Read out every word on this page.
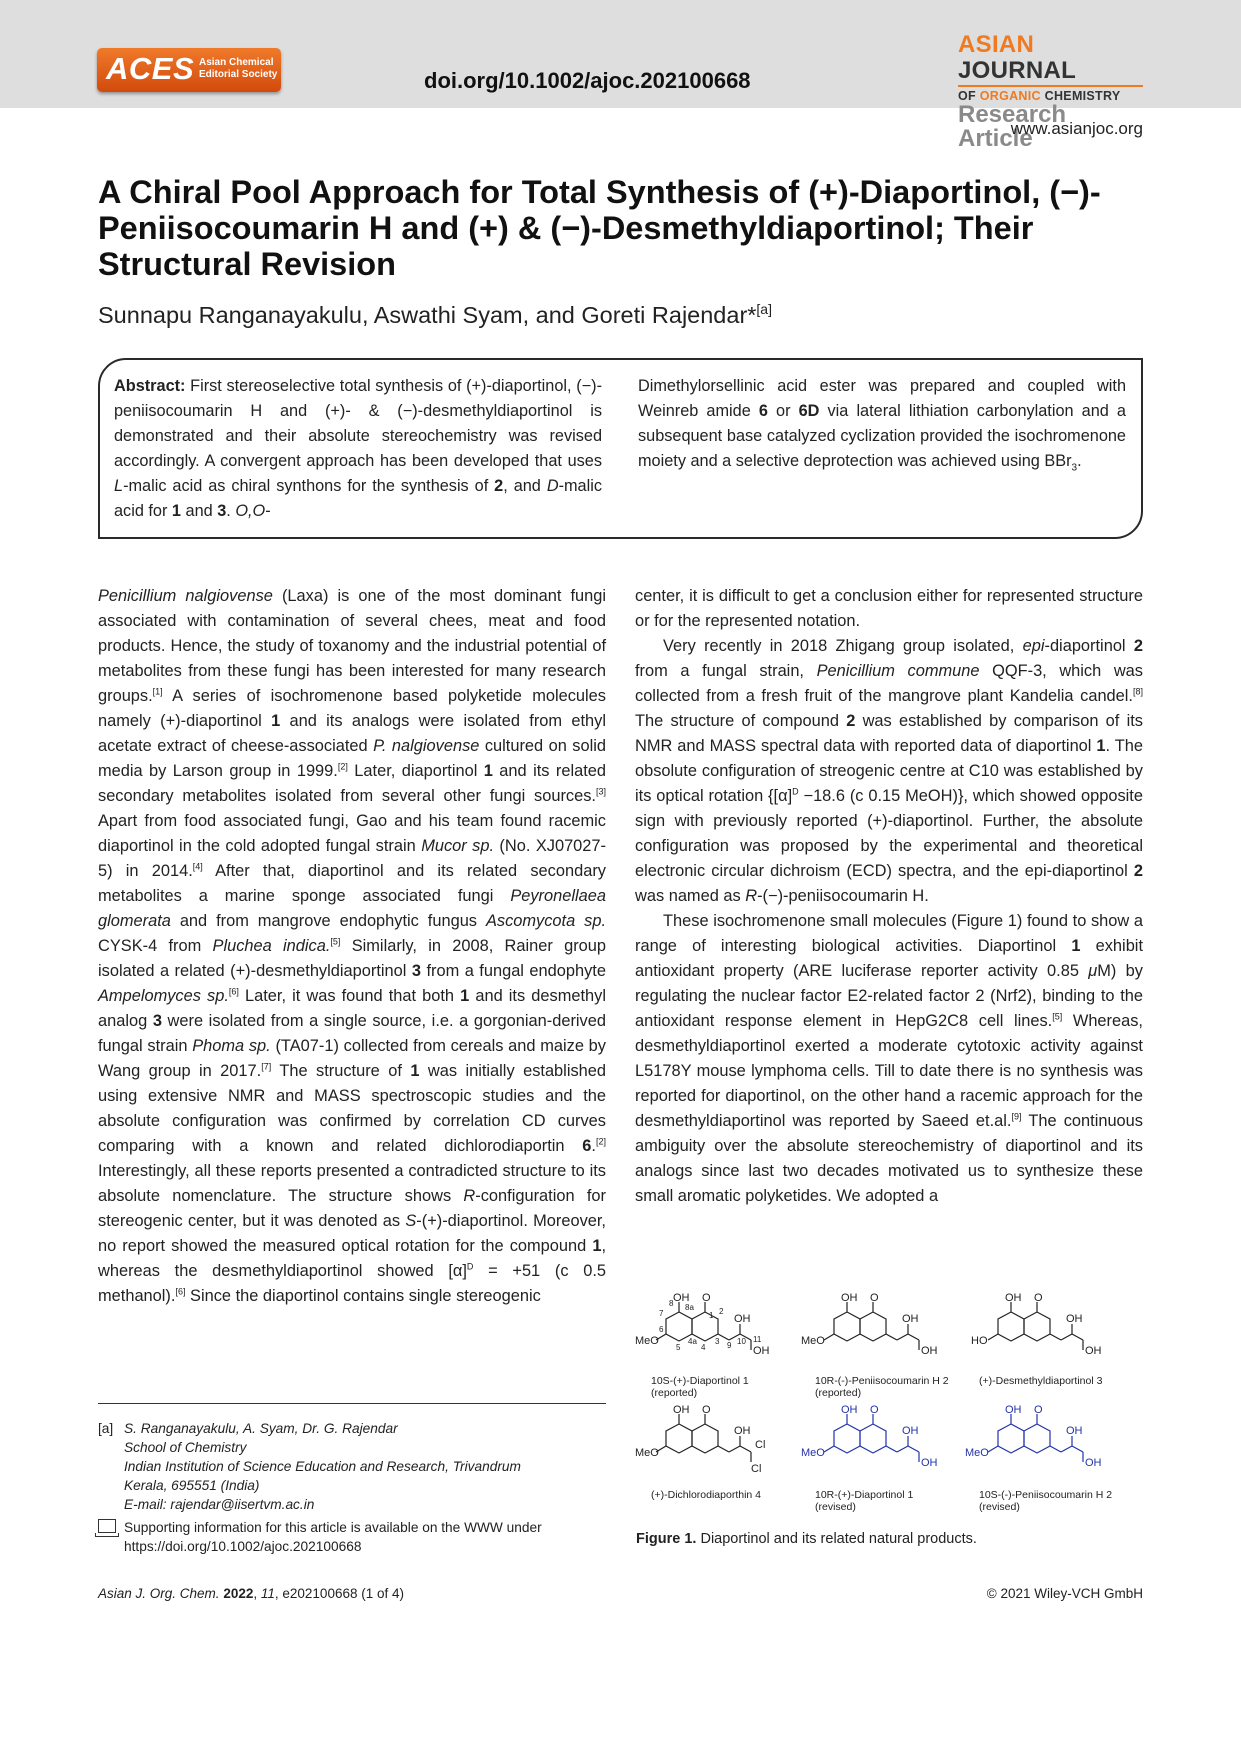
ACES Asian Chemical
Editorial Society	doi.org/10.1002/ajoc.202100668
ASIAN JOURNAL
OF ORGANIC CHEMISTRY
Research Article
www.asianjoc.org
A Chiral Pool Approach for Total Synthesis of (+)-Diaportinol, (−)-Peniisocoumarin H and (+) & (−)-Desmethyldiaportinol; Their Structural Revision
Sunnapu Ranganayakulu, Aswathi Syam, and Goreti Rajendar*[a]
Abstract: First stereoselective total synthesis of (+)-diaportinol, (−)-peniisocoumarin H and (+)- & (−)-desmethyldiaportinol is demonstrated and their absolute stereochemistry was revised accordingly. A convergent approach has been developed that uses L-malic acid as chiral synthons for the synthesis of 2, and D-malic acid for 1 and 3. O,O-
Dimethylorsellinic acid ester was prepared and coupled with Weinreb amide 6 or 6D via lateral lithiation carbonylation and a subsequent base catalyzed cyclization provided the isochromenone moiety and a selective deprotection was achieved using BBr$_3$.

Penicillium nalgiovense (Laxa) is one of the most dominant fungi associated with contamination of several chees, meat and food products. Hence, the study of toxanomy and the industrial potential of metabolites from these fungi has been interested for many research groups.[1] A series of isochromenone based polyketide molecules namely (+)-diaportinol 1 and its analogs were isolated from ethyl acetate extract of cheese-associated P. nalgiovense cultured on solid media by Larson group in 1999.[2] Later, diaportinol 1 and its related secondary metabolites isolated from several other fungi sources.[3] Apart from food associated fungi, Gao and his team found racemic diaportinol in the cold adopted fungal strain Mucor sp. (No. XJ07027-5) in 2014.[4] After that, diaportinol and its related secondary metabolites a marine sponge associated fungi Peyronellaea glomerata and from mangrove endophytic fungus Ascomycota sp. CYSK-4 from Pluchea indica.[5] Similarly, in 2008, Rainer group isolated a related (+)-desmethyldiaportinol 3 from a fungal endophyte Ampelomyces sp.[6] Later, it was found that both 1 and its desmethyl analog 3 were isolated from a single source, i.e. a gorgonian-derived fungal strain Phoma sp. (TA07-1) collected from cereals and maize by Wang group in 2017.[7] The structure of 1 was initially established using extensive NMR and MASS spectroscopic studies and the absolute configuration was confirmed by correlation CD curves comparing with a known and related dichlorodiaportin 6.[2] Interestingly, all these reports presented a contradicted structure to its absolute nomenclature. The structure shows R-configuration for stereogenic center, but it was denoted as S-(+)-diaportinol. Moreover, no report showed the measured optical rotation for the compound 1, whereas the desmethyldiaportinol showed $[\alpha]^D = +51$ (c 0.5 methanol).[6] Since the diaportinol contains single stereogenic

center, it is difficult to get a conclusion either for represented structure or for the represented notation.

Very recently in 2018 Zhigang group isolated, epi-diaportinol 2 from a fungal strain, Penicillium commune QQF-3, which was collected from a fresh fruit of the mangrove plant Kandelia candel.[8] The structure of compound 2 was established by comparison of its NMR and MASS spectral data with reported data of diaportinol 1. The obsolute configuration of streogenic centre at C10 was established by its optical rotation {$[\alpha]^D -18.6$ (c 0.15 MeOH)}, which showed opposite sign with previously reported (+)-diaportinol. Further, the absolute configuration was proposed by the experimental and theoretical electronic circular dichroism (ECD) spectra, and the epi-diaportinol 2 was named as R-(−)-peniisocoumarin H.

These isochromenone small molecules (Figure 1) found to show a range of interesting biological activities. Diaportinol 1 exhibit antioxidant property (ARE luciferase reporter activity 0.85 μM) by regulating the nuclear factor E2-related factor 2 (Nrf2), binding to the antioxidant response element in HepG2C8 cell lines.[5] Whereas, desmethyldiaportinol exerted a moderate cytotoxic activity against L5178Y mouse lymphoma cells. Till to date there is no synthesis was reported for diaportinol, on the other hand a racemic approach for the desmethyldiaportinol was reported by Saeed et.al.[9] The continuous ambiguity over the absolute stereochemistry of diaportinol and its analogs since last two decades motivated us to synthesize these small aromatic polyketides. We adopted a

OH O
MeO
OH
OH
7
8 8a
1 2
6
5
4a
4
3 9 10 11
10S-(+)-Diaportinol 1
(reported)
OH O
MeO
OH
OH
10R-(-)-Peniisocoumarin H 2
(reported)
OH O
HO
OH
OH
(+)-Desmethyldiaportinol 3
OH O
MeO
OH
Cl
Cl
(+)-Dichlorodiaporthin 4
OH O
MeO
OH
OH
10R-(+)-Diaportinol 1
(revised)
OH O
MeO
OH
OH
10S-(-)-Peniisocoumarin H 2
(revised)
Figure 1. Diaportinol and its related natural products.
[a] S. Ranganayakulu, A. Syam, Dr. G. Rajendar
School of Chemistry
Indian Institution of Science Education and Research, Trivandrum
Kerala, 695551 (India)
E-mail: rajendar@iisertvm.ac.in
Supporting information for this article is available on the WWW under https://doi.org/10.1002/ajoc.202100668
Asian J. Org. Chem. 2022, 11, e202100668 (1 of 4)	© 2021 Wiley-VCH GmbH
